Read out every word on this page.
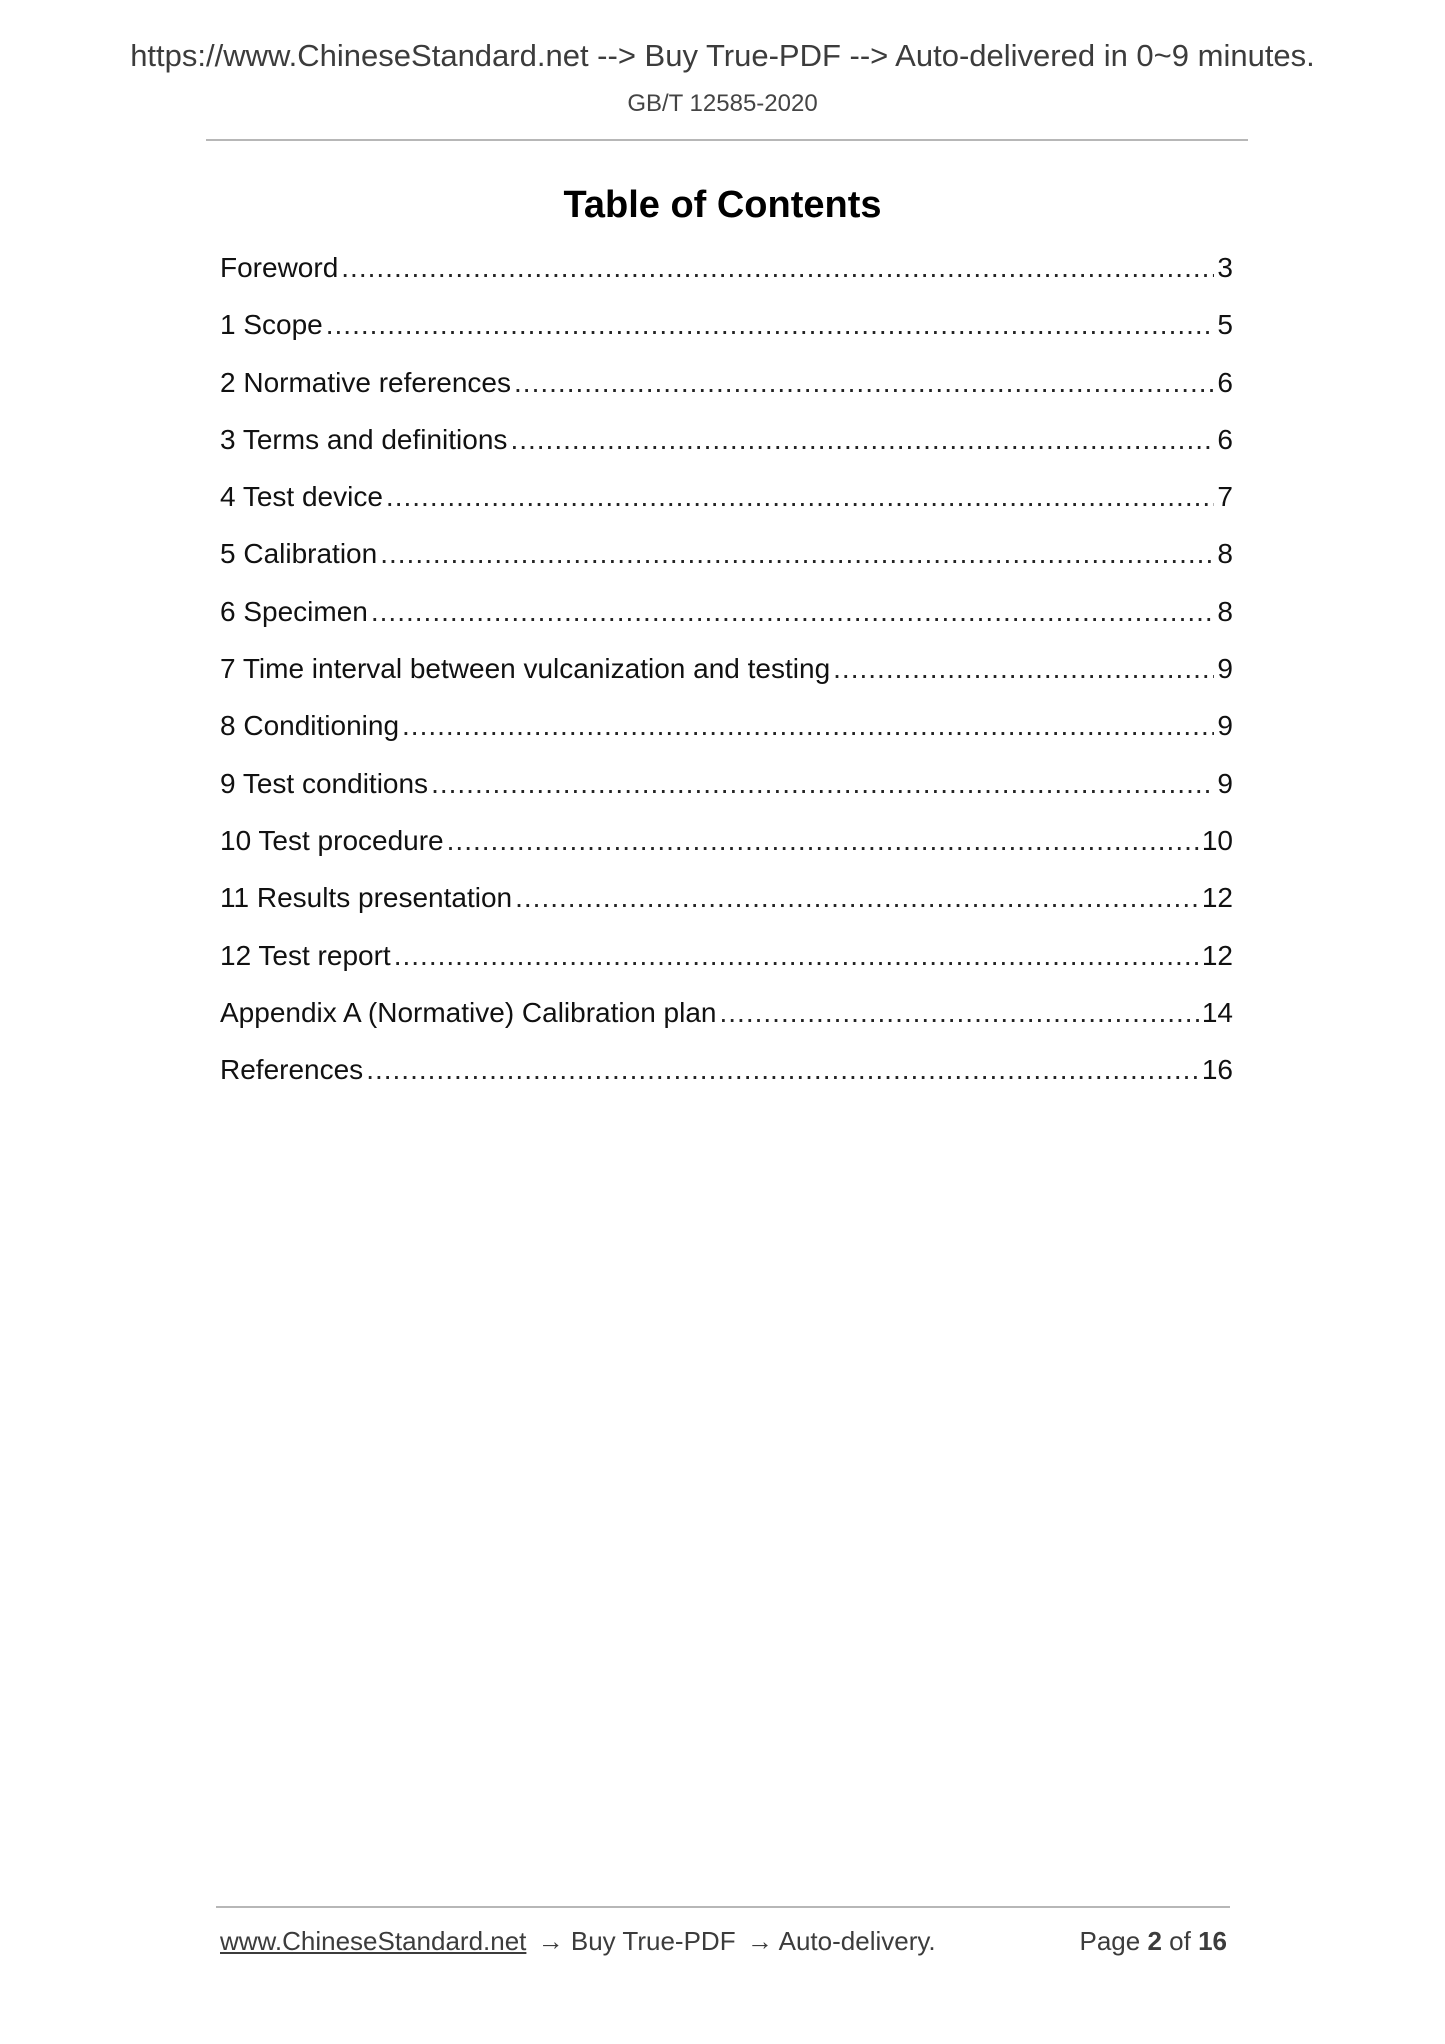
https://www.ChineseStandard.net --> Buy True-PDF --> Auto-delivered in 0~9 minutes.
GB/T 12585-2020
Table of Contents
Foreword .....	3
1 Scope .....	5
2 Normative references .....	6
3 Terms and definitions .....	6
4 Test device .....	7
5 Calibration .....	8
6 Specimen .....	8
7 Time interval between vulcanization and testing .....	9
8 Conditioning .....	9
9 Test conditions .....	9
10 Test procedure .....	10
11 Results presentation .....	12
12 Test report .....	12
Appendix A (Normative) Calibration plan .....	14
References .....	16
www.ChineseStandard.net → Buy True-PDF → Auto-delivery.	Page 2 of 16
